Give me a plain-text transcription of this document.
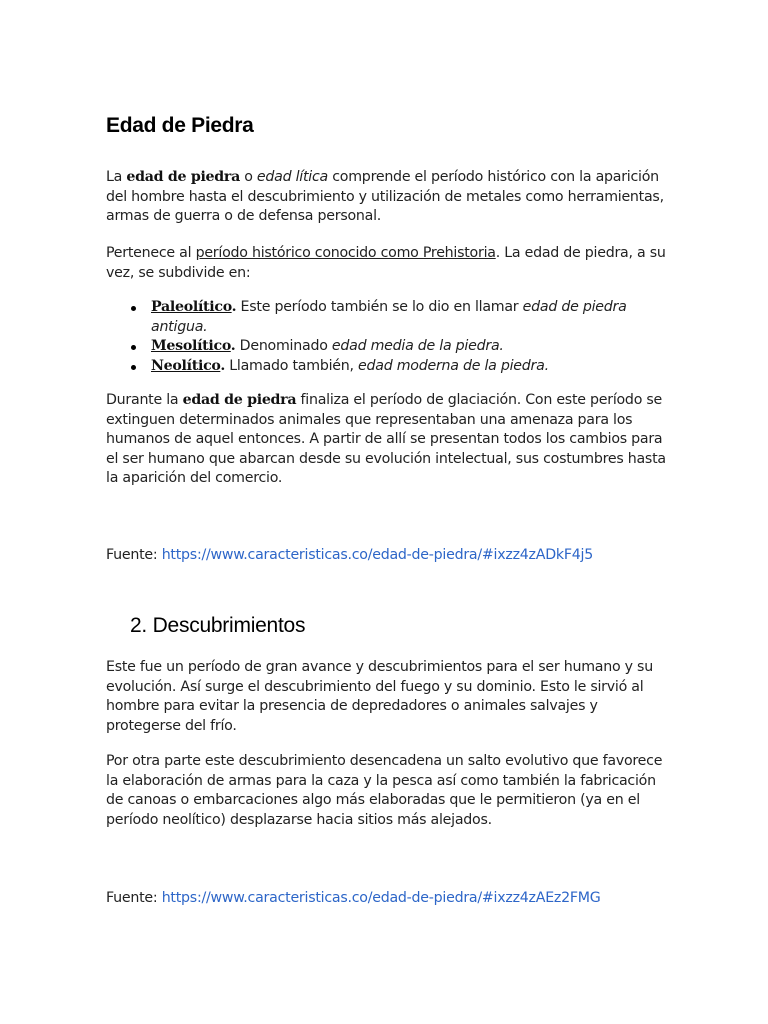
Edad de Piedra

La edad de piedra o edad lítica comprende el período histórico con la aparición del hombre hasta el descubrimiento y utilización de metales como herramientas, armas de guerra o de defensa personal.

Pertenece al período histórico conocido como Prehistoria. La edad de piedra, a su vez, se subdivide en:

Paleolítico. Este período también se lo dio en llamar edad de piedra antigua.
Mesolítico. Denominado edad media de la piedra.
Neolítico. Llamado también, edad moderna de la piedra.

Durante la edad de piedra finaliza el período de glaciación. Con este período se extinguen determinados animales que representaban una amenaza para los humanos de aquel entonces. A partir de allí se presentan todos los cambios para el ser humano que abarcan desde su evolución intelectual, sus costumbres hasta la aparición del comercio.

Fuente: https://www.caracteristicas.co/edad-de-piedra/#ixzz4zADkF4j5

2. Descubrimientos

Este fue un período de gran avance y descubrimientos para el ser humano y su evolución. Así surge el descubrimiento del fuego y su dominio. Esto le sirvió al hombre para evitar la presencia de depredadores o animales salvajes y protegerse del frío.

Por otra parte este descubrimiento desencadena un salto evolutivo que favorece la elaboración de armas para la caza y la pesca así como también la fabricación de canoas o embarcaciones algo más elaboradas que le permitieron (ya en el período neolítico) desplazarse hacia sitios más alejados.

Fuente: https://www.caracteristicas.co/edad-de-piedra/#ixzz4zAEz2FMG
